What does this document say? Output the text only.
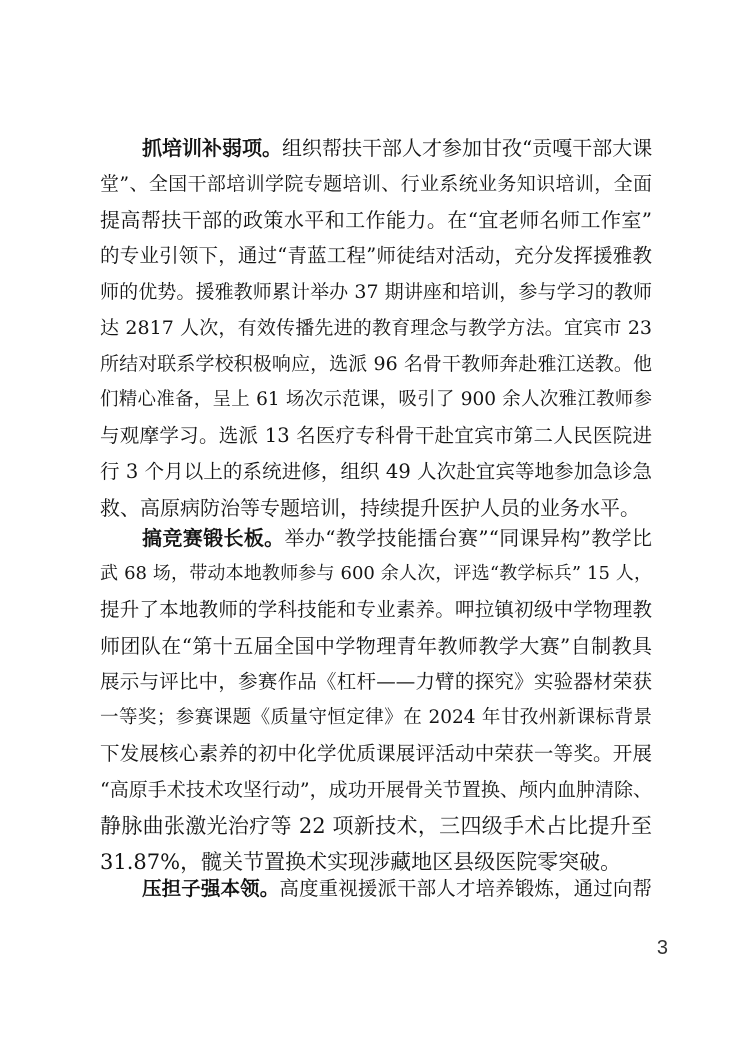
抓培训补弱项。组织帮扶干部人才参加甘孜“贡嘎干部大课
堂”、全国干部培训学院专题培训、行业系统业务知识培训，全面
提高帮扶干部的政策水平和工作能力。在“宜老师名师工作室”
的专业引领下，通过“青蓝工程”师徒结对活动，充分发挥援雅教
师的优势。援雅教师累计举办 37 期讲座和培训，参与学习的教师
达 2817 人次，有效传播先进的教育理念与教学方法。宜宾市 23
所结对联系学校积极响应，选派 96 名骨干教师奔赴雅江送教。他
们精心准备，呈上 61 场次示范课，吸引了 900 余人次雅江教师参
与观摩学习。选派 13 名医疗专科骨干赴宜宾市第二人民医院进
行 3 个月以上的系统进修，组织 49 人次赴宜宾等地参加急诊急
救、高原病防治等专题培训，持续提升医护人员的业务水平。
搞竞赛锻长板。举办“教学技能擂台赛”“同课异构”教学比
武 68 场，带动本地教师参与 600 余人次，评选“教学标兵” 15 人，
提升了本地教师的学科技能和专业素养。呷拉镇初级中学物理教
师团队在“第十五届全国中学物理青年教师教学大赛”自制教具
展示与评比中，参赛作品《杠杆——力臂的探究》实验器材荣获
一等奖；参赛课题《质量守恒定律》在 2024 年甘孜州新课标背景
下发展核心素养的初中化学优质课展评活动中荣获一等奖。开展
“高原手术技术攻坚行动”，成功开展骨关节置换、颅内血肿清除、
静脉曲张激光治疗等 22 项新技术，三四级手术占比提升至
31.87%，髋关节置换术实现涉藏地区县级医院零突破。
压担子强本领。高度重视援派干部人才培养锻炼，通过向帮
3
